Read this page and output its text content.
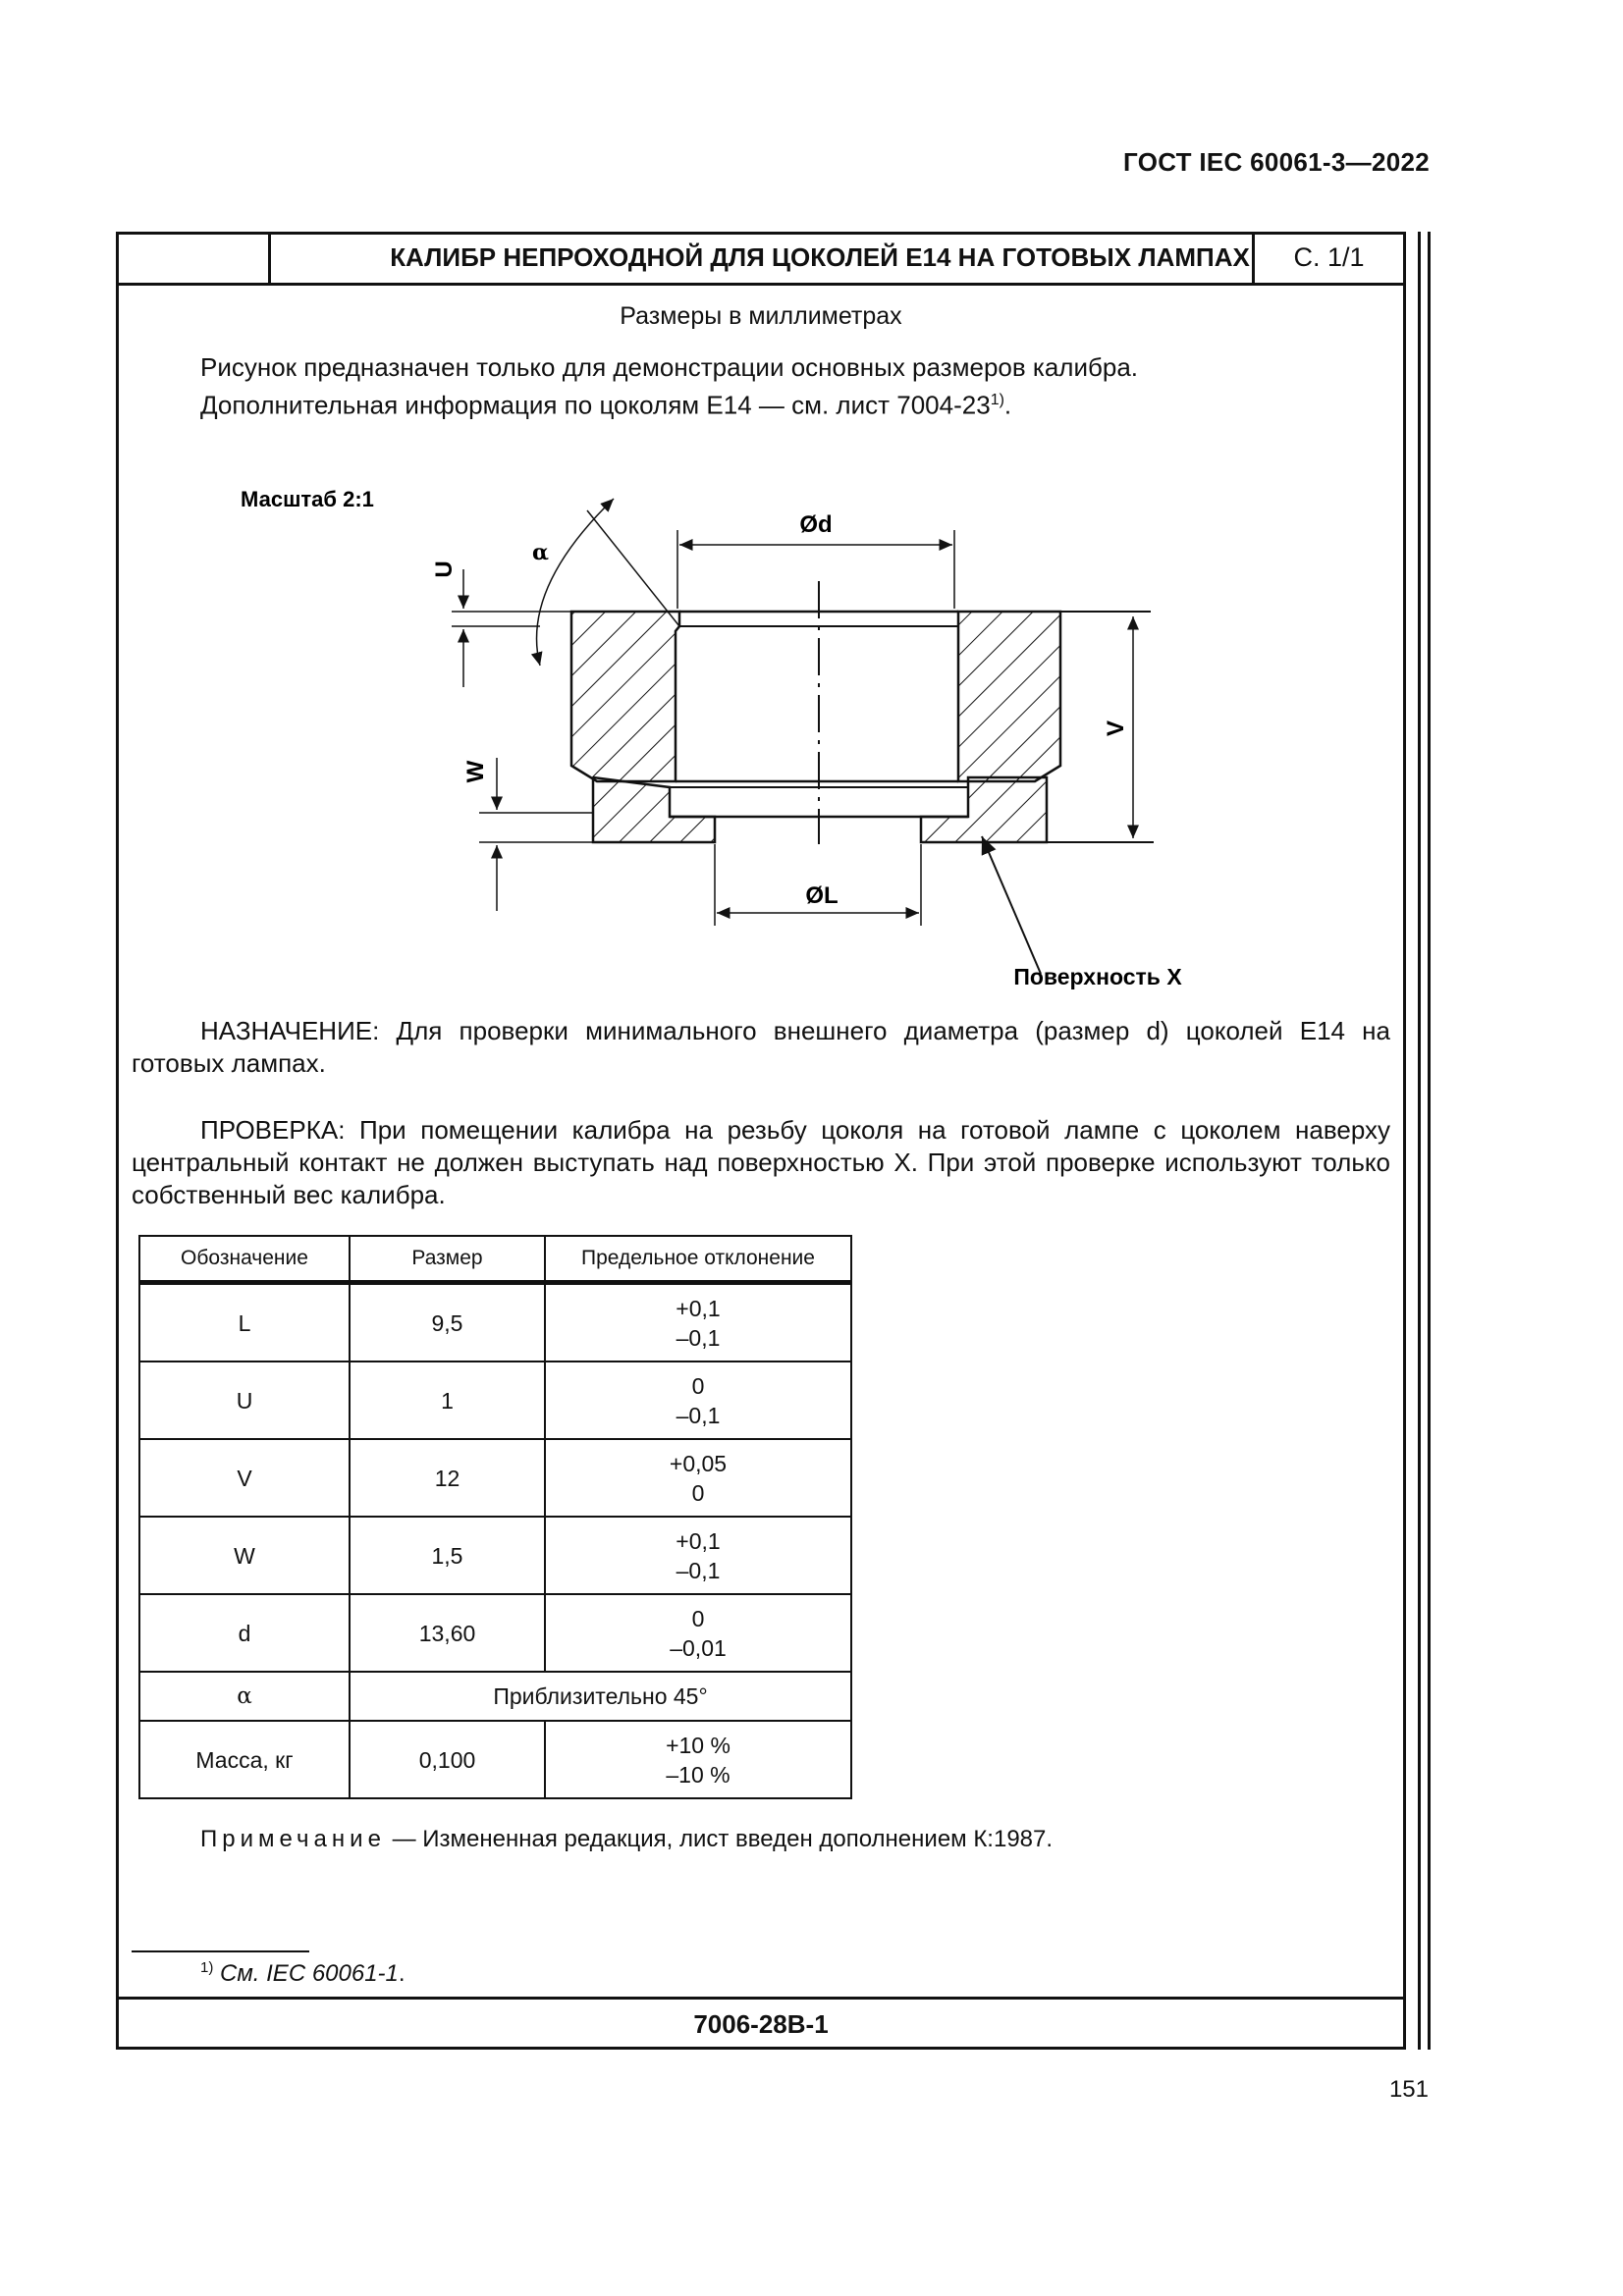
ГОСТ IEC 60061-3—2022
КАЛИБР НЕПРОХОДНОЙ ДЛЯ ЦОКОЛЕЙ Е14 НА ГОТОВЫХ ЛАМПАХ	С. 1/1
Размеры в миллиметрах
Рисунок предназначен только для демонстрации основных размеров калибра.
Дополнительная информация по цоколям Е14 — см. лист 7004-23$^{1)}$.
Масштаб 2:1
Ød
ØL
V
U
W
α
Поверхность X
НАЗНАЧЕНИЕ: Для проверки минимального внешнего диаметра (размер d) цоколей Е14 на готовых лампах.
ПРОВЕРКА: При помещении калибра на резьбу цоколя на готовой лампе с цоколем наверху центральный контакт не должен выступать над поверхностью X. При этой проверке используют только собственный вес калибра.
Обозначение	Размер	Предельное отклонение
L	9,5	+0,1
–0,1

U	1	0
–0,1

V	12	+0,05
0

W	1,5	+0,1
–0,1

d	13,60	0
–0,01

α	Приблизительно 45°	
Масса, кг	0,100	+10 %
–10 %
Примечание — Измененная редакция, лист введен дополнением К:1987.
$^{1)}$ См. IEC 60061-1.
7006-28B-1
151
